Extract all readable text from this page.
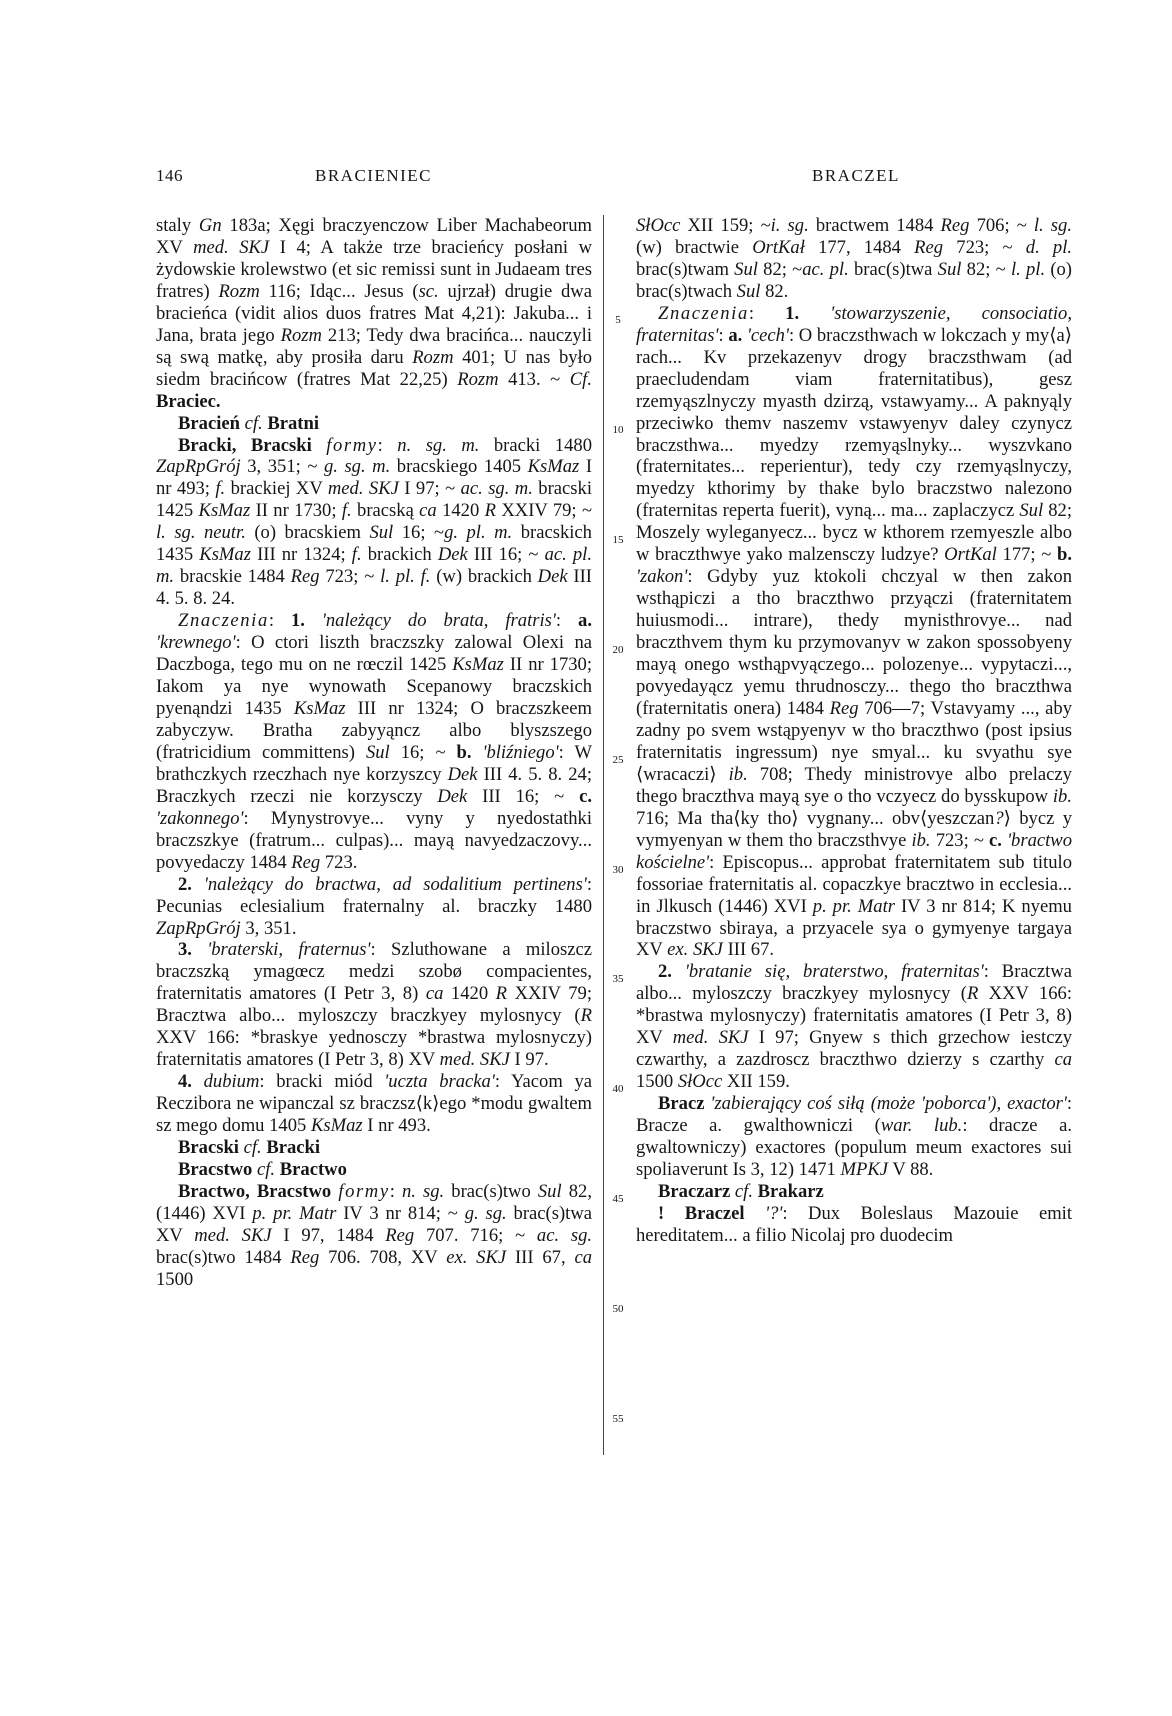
146	BRACIENIEC	BRACZEL

staly Gn 183a; Xęgi braczyenczow Liber Machabeorum XV med. SKJ I 4; A także trze bracieńcy posłani w żydowskie krolewstwo (et sic remissi sunt in Judaeam tres fratres) Rozm 116; Idąc... Jesus (sc. ujrzał) drugie dwa bracieńca (vidit alios duos fratres Mat 4,21): Jakuba... i Jana, brata jego Rozm 213; Tedy dwa bracińca... nauczyli są swą matkę, aby prosiła daru Rozm 401; U nas było siedm bracińcow (fratres Mat 22,25) Rozm 413. ~ Cf. Braciec.

Bracień cf. Bratni

Bracki, Bracski formy: n. sg. m. bracki 1480 ZapRpGrój 3, 351; ~ g. sg. m. bracskiego 1405 KsMaz I nr 493; f. brackiej XV med. SKJ I 97; ~ ac. sg. m. bracski 1425 KsMaz II nr 1730; f. bracską ca 1420 R XXIV 79; ~ l. sg. neutr. (o) bracskiem Sul 16; ~g. pl. m. bracskich 1435 KsMaz III nr 1324; f. brackich Dek III 16; ~ ac. pl. m. bracskie 1484 Reg 723; ~ l. pl. f. (w) brackich Dek III 4. 5. 8. 24.

Znaczenia: 1. 'należący do brata, fratris': a. 'krewnego': O ctori liszth braczszky zalowal Olexi na Daczboga, tego mu on ne rœczil 1425 KsMaz II nr 1730; Iakom ya nye wynowath Scepanowy braczskich pyenąndzi 1435 KsMaz III nr 1324; O braczszkeem zabyczyw. Bratha zabyyąncz albo blyszszego (fratricidium committens) Sul 16; ~ b. 'bliźniego': W brathczkych rzeczhach nye korzyszcy Dek III 4. 5. 8. 24; Braczkych rzeczi nie korzysczy Dek III 16; ~ c. 'zakonnego': Mynystrovye... vyny y nyedostathki braczszkye (fratrum... culpas)... mayą navyedzaczovy... povyedaczy 1484 Reg 723.

2. 'należący do bractwa, ad sodalitium pertinens': Pecunias eclesialium fraternalny al. braczky 1480 ZapRpGrój 3, 351.

3. 'braterski, fraternus': Szluthowane a miloszcz braczszką ymagœcz medzi szobø compacientes, fraternitatis amatores (I Petr 3, 8) ca 1420 R XXIV 79; Bracztwa albo... myloszczy braczkyey mylosnycy (R XXV 166: *braskye yednosczy *brastwa mylosnyczy) fraternitatis amatores (I Petr 3, 8) XV med. SKJ I 97.

4. dubium: bracki miód 'uczta bracka': Yacom ya Reczibora ne wipanczal sz braczsz⟨k⟩ego *modu gwaltem sz mego domu 1405 KsMaz I nr 493.

Bracski cf. Bracki

Bracstwo cf. Bractwo

Bractwo, Bracstwo formy: n. sg. brac(s)two Sul 82, (1446) XVI p. pr. Matr IV 3 nr 814; ~ g. sg. brac(s)twa XV med. SKJ I 97, 1484 Reg 707. 716; ~ ac. sg. brac(s)two 1484 Reg 706. 708, XV ex. SKJ III 67, ca 1500

5
10
15
20
25
30
35
40
45
50
55

SłOcc XII 159; ~i. sg. bractwem 1484 Reg 706; ~ l. sg. (w) bractwie OrtKał 177, 1484 Reg 723; ~ d. pl. brac(s)twam Sul 82; ~ac. pl. brac(s)twa Sul 82; ~ l. pl. (o) brac(s)twach Sul 82.

Znaczenia: 1. 'stowarzyszenie, consociatio, fraternitas': a. 'cech': O braczsthwach w lokczach y my⟨a⟩rach... Kv przekazenyv drogy braczsthwam (ad praecludendam viam fraternitatibus), gesz rzemyąszlnyczy myasth dzirzą, vstawyamy... A paknyąly przeciwko themv naszemv vstawyenyv daley czynycz braczsthwa... myedzy rzemyąslnyky... wyszvkano (fraternitates... reperientur), tedy czy rzemyąslnyczy, myedzy kthorimy by thake bylo braczstwo nalezono (fraternitas reperta fuerit), vyną... ma... zaplaczycz Sul 82; Moszely wyleganyecz... bycz w kthorem rzemyeszle albo w braczthwye yako malzensczy ludzye? OrtKal 177; ~ b. 'zakon': Gdyby yuz ktokoli chczyal w then zakon wsthąpiczi a tho braczthwo przyączi (fraternitatem huiusmodi... intrare), thedy mynisthrovye... nad braczthvem thym ku przymovanyv w zakon spossobyeny mayą onego wsthąpvyączego... polozenye... vypytaczi..., povyedayącz yemu thrudnosczy... thego tho braczthwa (fraternitatis onera) 1484 Reg 706—7; Vstavyamy ..., aby zadny po svem wstąpyenyv w tho braczthwo (post ipsius fraternitatis ingressum) nye smyal... ku svyathu sye ⟨wracaczi⟩ ib. 708; Thedy ministrovye albo prelaczy thego braczthva mayą sye o tho vczyecz do bysskupow ib. 716; Ma tha⟨ky tho⟩ vygnany... obv⟨yeszczan?⟩ bycz y vymyenyan w them tho braczsthvye ib. 723; ~ c. 'bractwo kościelne': Episcopus... approbat fraternitatem sub titulo fossoriae fraternitatis al. copaczkye bracztwo in ecclesia... in Jlkusch (1446) XVI p. pr. Matr IV 3 nr 814; K nyemu braczstwo sbiraya, a przyacele sya o gymyenye targaya XV ex. SKJ III 67.

2. 'bratanie się, braterstwo, fraternitas': Bracztwa albo... myloszczy braczkyey mylosnycy (R XXV 166: *brastwa mylosnyczy) fraternitatis amatores (I Petr 3, 8) XV med. SKJ I 97; Gnyew s thich grzechow iestczy czwarthy, a zazdroscz braczthwo dzierzy s czarthy ca 1500 SłOcc XII 159.

Bracz 'zabierający coś siłą (może 'poborca'), exactor': Bracze a. gwalthowniczi (war. lub.: dracze a. gwaltowniczy) exactores (populum meum exactores sui spoliaverunt Is 3, 12) 1471 MPKJ V 88.

Braczarz cf. Brakarz

! Braczel '?': Dux Boleslaus Mazouie emit hereditatem... a filio Nicolaj pro duodecim
